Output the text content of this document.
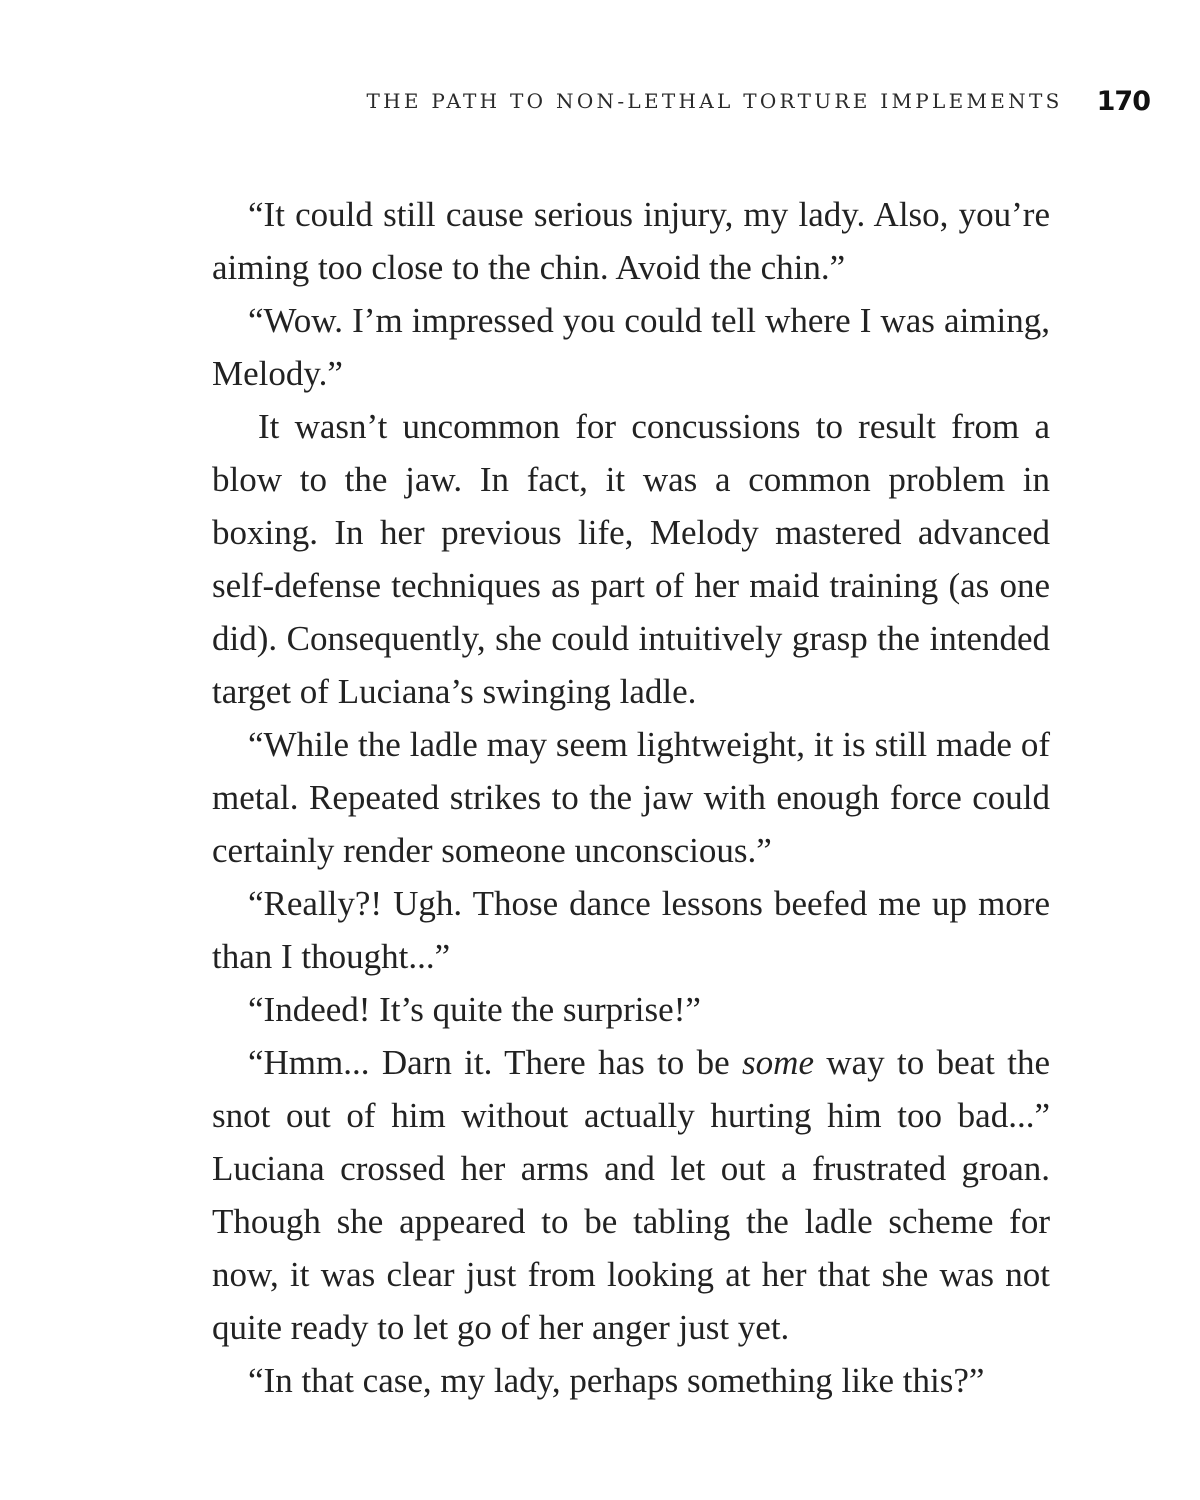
THE PATH TO NON-LETHAL TORTURE IMPLEMENTS 170

“It could still cause serious injury, my lady. Also, you’re aiming too close to the chin. Avoid the chin.”

“Wow. I’m impressed you could tell where I was aiming, Melody.”

It wasn’t uncommon for concussions to result from a blow to the jaw. In fact, it was a common problem in boxing. In her previous life, Melody mastered advanced self-defense techniques as part of her maid training (as one did). Consequently, she could intuitively grasp the intended target of Luciana’s swinging ladle.

“While the ladle may seem lightweight, it is still made of metal. Repeated strikes to the jaw with enough force could certainly render someone unconscious.”

“Really?! Ugh. Those dance lessons beefed me up more than I thought...”

“Indeed! It’s quite the surprise!”

“Hmm... Darn it. There has to be some way to beat the snot out of him without actually hurting him too bad...” Luciana crossed her arms and let out a frustrated groan. Though she appeared to be tabling the ladle scheme for now, it was clear just from looking at her that she was not quite ready to let go of her anger just yet.

“In that case, my lady, perhaps something like this?”
